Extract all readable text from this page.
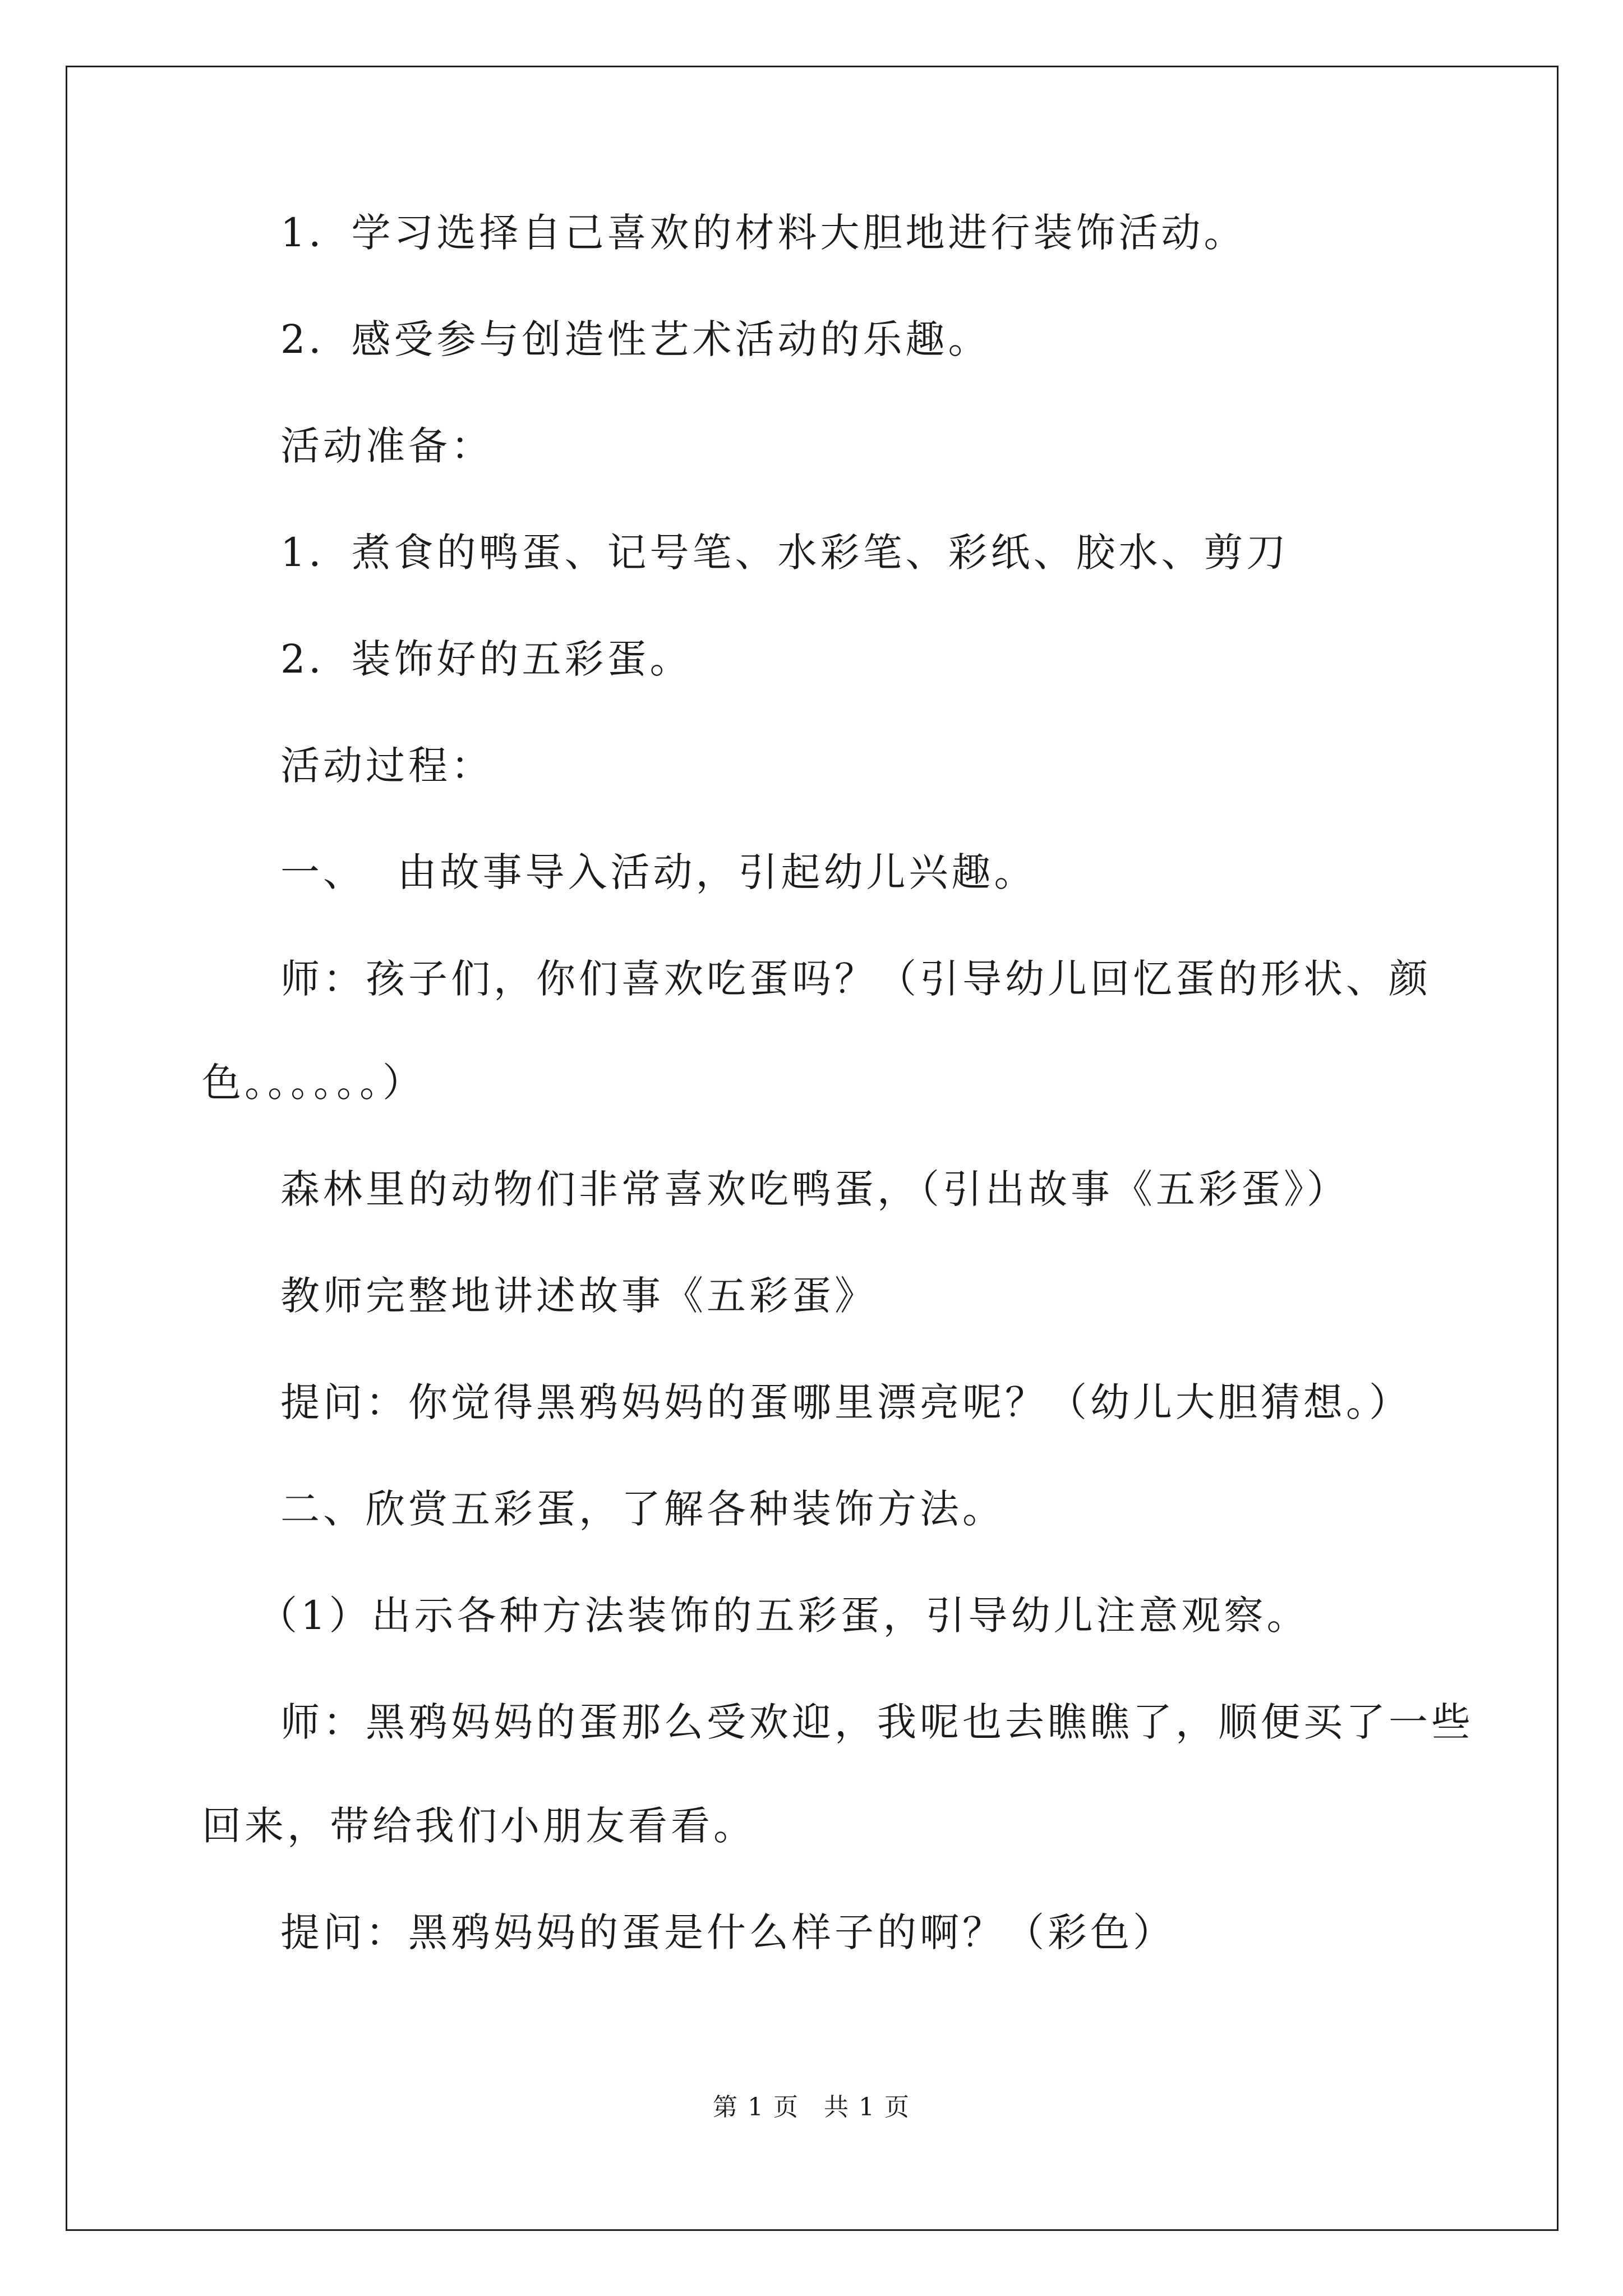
1．学习选择自己喜欢的材料大胆地进行装饰活动。

2．感受参与创造性艺术活动的乐趣。

活动准备：

1．煮食的鸭蛋、记号笔、水彩笔、彩纸、胶水、剪刀

2．装饰好的五彩蛋。

活动过程：

一、  由故事导入活动，引起幼儿兴趣。

师：孩子们，你们喜欢吃蛋吗？（引导幼儿回忆蛋的形状、颜

色。。。。。。）

森林里的动物们非常喜欢吃鸭蛋，（引出故事《五彩蛋》）

教师完整地讲述故事《五彩蛋》

提问：你觉得黑鸦妈妈的蛋哪里漂亮呢？（幼儿大胆猜想。）

二、欣赏五彩蛋，了解各种装饰方法。

（1）出示各种方法装饰的五彩蛋，引导幼儿注意观察。

师：黑鸦妈妈的蛋那么受欢迎，我呢也去瞧瞧了，顺便买了一些

回来，带给我们小朋友看看。

提问：黑鸦妈妈的蛋是什么样子的啊？（彩色）

第 1 页 共 1 页
